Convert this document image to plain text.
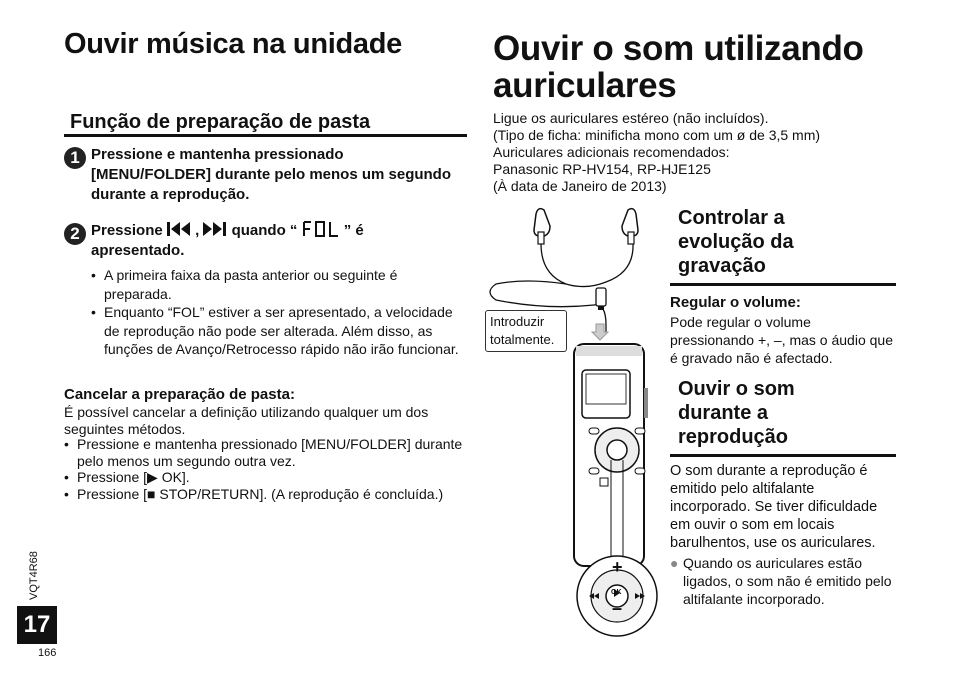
Ouvir música na unidade
Função de preparação de pasta
1 Pressione e mantenha pressionado [MENU/FOLDER] durante pelo menos um segundo durante a reprodução.
2 Pressione , quando “	” é apresentado.
• A primeira faixa da pasta anterior ou seguinte é preparada.
• Enquanto “FOL” estiver a ser apresentado, a velocidade de reprodução não pode ser alterada. Além disso, as funções de Avanço/Retrocesso rápido não irão funcionar.
Cancelar a preparação de pasta:
É possível cancelar a definição utilizando qualquer um dos seguintes métodos.
• Pressione e mantenha pressionado [MENU/FOLDER] durante pelo menos um segundo outra vez.
• Pressione [▶ OK].
• Pressione [■ STOP/RETURN]. (A reprodução é concluída.)
VQT4R68
17
166
Ouvir o som utilizando
auriculares
Ligue os auriculares estéreo (não incluídos).
(Tipo de ficha: minificha mono com um ø de 3,5 mm)
Auriculares adicionais recomendados:
Panasonic RP-HV154, RP-HJE125
(À data de Janeiro de 2013)
+
–
OK
Introduzir
totalmente.
Controlar a
evolução da
gravação
Regular o volume:
Pode regular o volume pressionando +, –, mas o áudio que é gravado não é afectado.
Ouvir o som
durante a
reprodução
O som durante a reprodução é emitido pelo altifalante incorporado. Se tiver dificuldade em ouvir o som em locais barulhentos, use os auriculares.
● Quando os auriculares estão ligados, o som não é emitido pelo altifalante incorporado.
